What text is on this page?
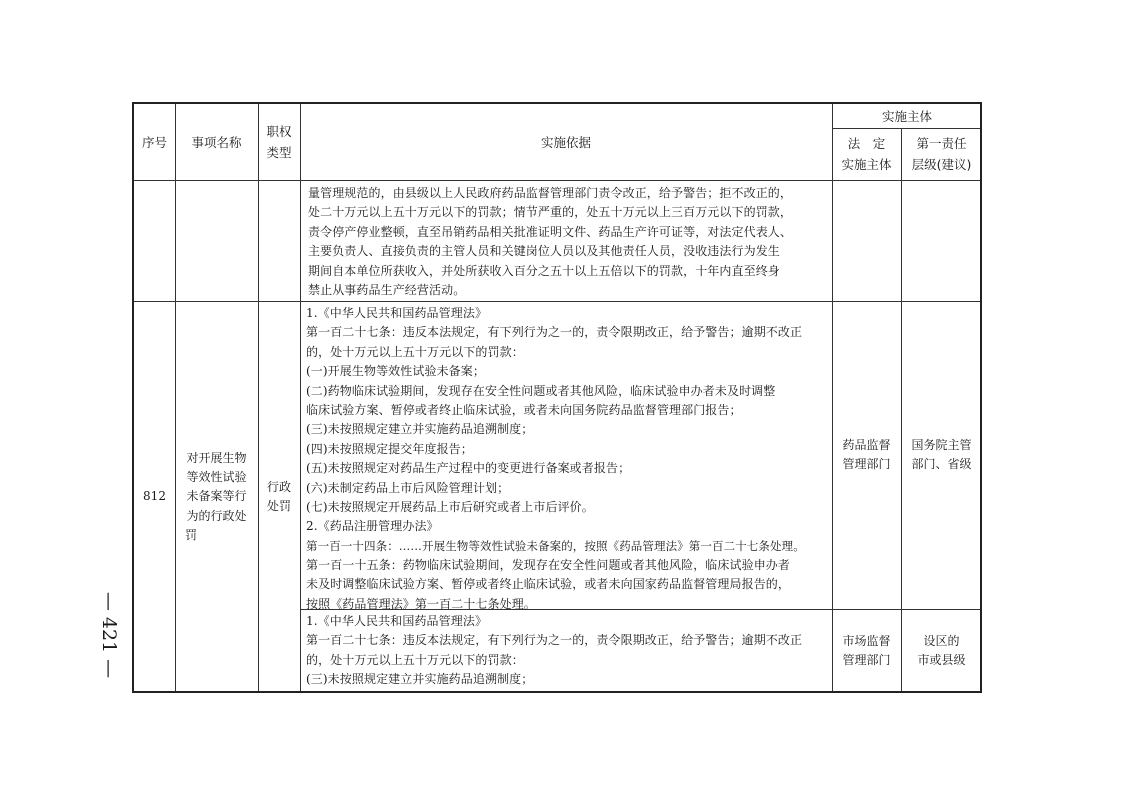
— 421 —
序号 事项名称
职权
类型
实施依据
实施主体
法　定
实施主体
第一责任
层级(建议)
量管理规范的，由县级以上人民政府药品监督管理部门责令改正，给予警告；拒不改正的，
处二十万元以上五十万元以下的罚款；情节严重的，处五十万元以上三百万元以下的罚款，
责令停产停业整顿，直至吊销药品相关批准证明文件、药品生产许可证等，对法定代表人、
主要负责人、直接负责的主管人员和关键岗位人员以及其他责任人员，没收违法行为发生
期间自本单位所获收入，并处所获收入百分之五十以上五倍以下的罚款，十年内直至终身
禁止从事药品生产经营活动。
812
对开展生物
等效性试验
未备案等行
为的行政处
罚
行政
处罚
1.《中华人民共和国药品管理法》
第一百二十七条：违反本法规定，有下列行为之一的，责令限期改正，给予警告；逾期不改正
的，处十万元以上五十万元以下的罚款：
(一)开展生物等效性试验未备案；
(二)药物临床试验期间，发现存在安全性问题或者其他风险，临床试验申办者未及时调整
临床试验方案、暂停或者终止临床试验，或者未向国务院药品监督管理部门报告；
(三)未按照规定建立并实施药品追溯制度；
(四)未按照规定提交年度报告；
(五)未按照规定对药品生产过程中的变更进行备案或者报告；
(六)未制定药品上市后风险管理计划；
(七)未按照规定开展药品上市后研究或者上市后评价。
2.《药品注册管理办法》
第一百一十四条：……开展生物等效性试验未备案的，按照《药品管理法》第一百二十七条处理。
第一百一十五条：药物临床试验期间，发现存在安全性问题或者其他风险，临床试验申办者
未及时调整临床试验方案、暂停或者终止临床试验，或者未向国家药品监督管理局报告的，
按照《药品管理法》第一百二十七条处理。
药品监督
管理部门
国务院主管
部门、省级
1.《中华人民共和国药品管理法》
第一百二十七条：违反本法规定，有下列行为之一的，责令限期改正，给予警告；逾期不改正
的，处十万元以上五十万元以下的罚款：
(三)未按照规定建立并实施药品追溯制度；
市场监督
管理部门
设区的
市或县级
